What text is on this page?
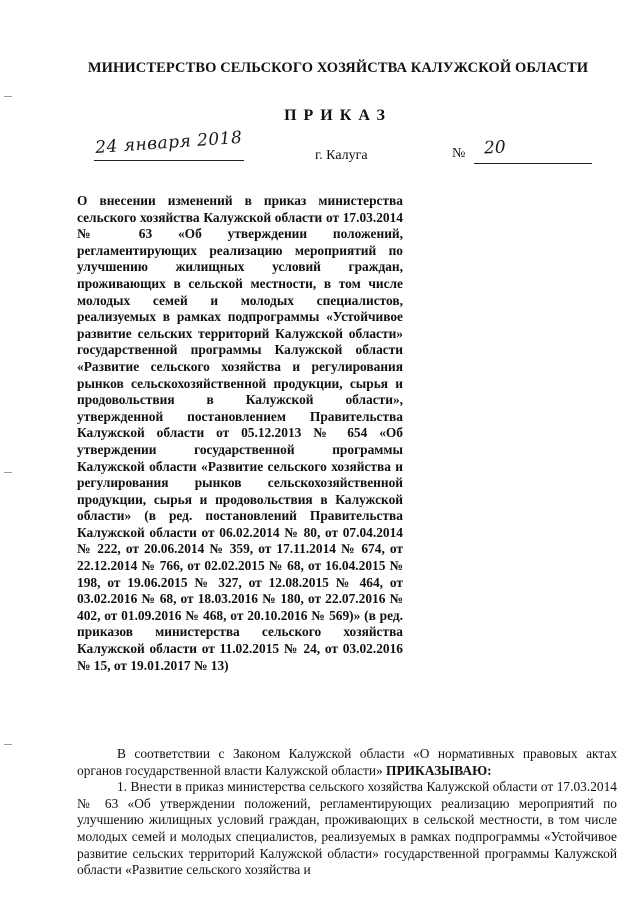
МИНИСТЕРСТВО СЕЛЬСКОГО ХОЗЯЙСТВА КАЛУЖСКОЙ ОБЛАСТИ
ПРИКАЗ
24 января 2018	г. Калуга	№ 20

О внесении изменений в приказ министерства сельского хозяйства Калужской области от 17.03.2014 № 63 «Об утверждении положений, регламентирующих реализацию мероприятий по улучшению жилищных условий граждан, проживающих в сельской местности, в том числе молодых семей и молодых специалистов, реализуемых в рамках подпрограммы «Устойчивое развитие сельских территорий Калужской области» государственной программы Калужской области «Развитие сельского хозяйства и регулирования рынков сельскохозяйственной продукции, сырья и продовольствия в Калужской области», утвержденной постановлением Правительства Калужской области от 05.12.2013 № 654 «Об утверждении государственной программы Калужской области «Развитие сельского хозяйства и регулирования рынков сельскохозяйственной продукции, сырья и продовольствия в Калужской области» (в ред. постановлений Правительства Калужской области от 06.02.2014 № 80, от 07.04.2014 № 222, от 20.06.2014 № 359, от 17.11.2014 № 674, от 22.12.2014 № 766, от 02.02.2015 № 68, от 16.04.2015 № 198, от 19.06.2015 № 327, от 12.08.2015 № 464, от 03.02.2016 № 68, от 18.03.2016 № 180, от 22.07.2016 № 402, от 01.09.2016 № 468, от 20.10.2016 № 569)» (в ред. приказов министерства сельского хозяйства Калужской области от 11.02.2015 № 24, от 03.02.2016 № 15, от 19.01.2017 № 13)

В соответствии с Законом Калужской области «О нормативных правовых актах органов государственной власти Калужской области» ПРИКАЗЫВАЮ:

1. Внести в приказ министерства сельского хозяйства Калужской области от 17.03.2014 № 63 «Об утверждении положений, регламентирующих реализацию мероприятий по улучшению жилищных условий граждан, проживающих в сельской местности, в том числе молодых семей и молодых специалистов, реализуемых в рамках подпрограммы «Устойчивое развитие сельских территорий Калужской области» государственной программы Калужской области «Развитие сельского хозяйства и
